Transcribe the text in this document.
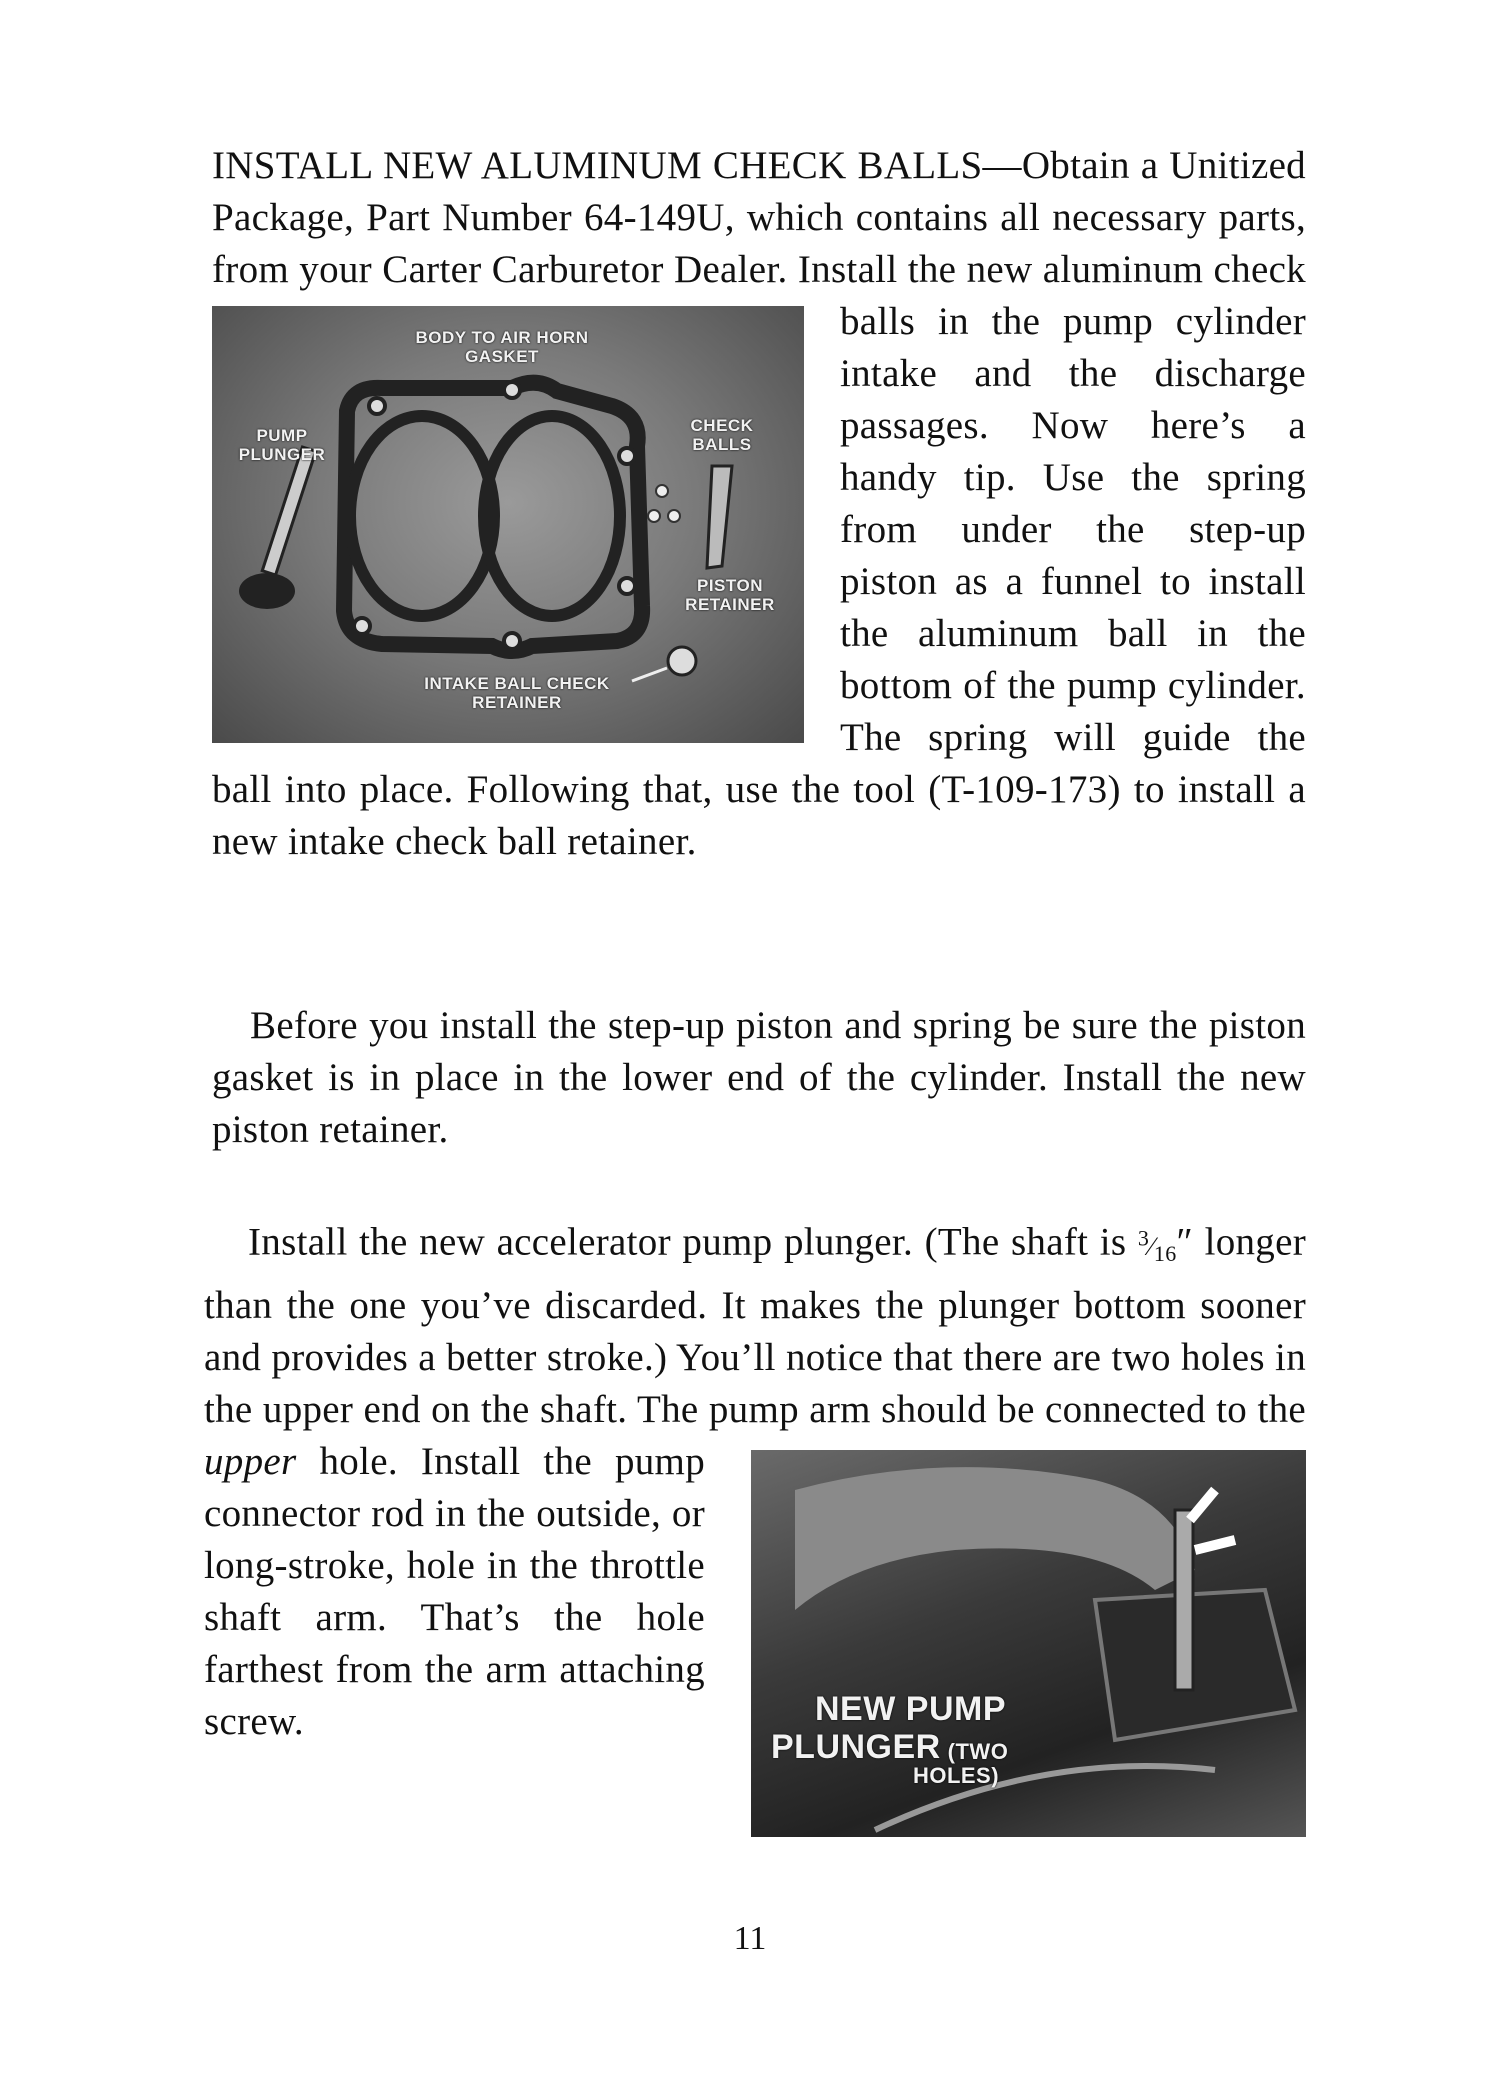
INSTALL NEW ALUMINUM CHECK BALLS—Obtain a Unitized Package, Part Number 64-149U, which contains all necessary parts, from your Carter Carburetor Dealer. Install
BODY TO AIR HORN GASKET
PUMP PLUNGER
CHECK BALLS
PISTON RETAINER
INTAKE BALL CHECK RETAINER
the new aluminum check balls in the pump cylinder intake and the discharge passages. Now here’s a handy tip. Use the spring from under the step-up piston as a funnel to install the aluminum ball in the bottom of the pump cylinder. The spring will guide the ball into place. Following that, use the tool (T-109-173) to install a new intake check ball retainer.

Before you install the step-up piston and spring be sure the piston gasket is in place in the lower end of the cylinder. Install the new piston retainer.

Install the new accelerator pump plunger. (The shaft is $^3⁄_{16}''$ longer than the one you’ve discarded. It makes the plunger bottom sooner and provides a better stroke.) You’ll notice that there are two holes in the upper end on the shaft. The pump arm should be connected to the
NEW PUMP PLUNGER (TWO HOLES)
upper hole. Install the pump connector rod in the outside, or long-stroke, hole in the throttle shaft arm. That’s the hole farthest from the arm attaching screw.

11
